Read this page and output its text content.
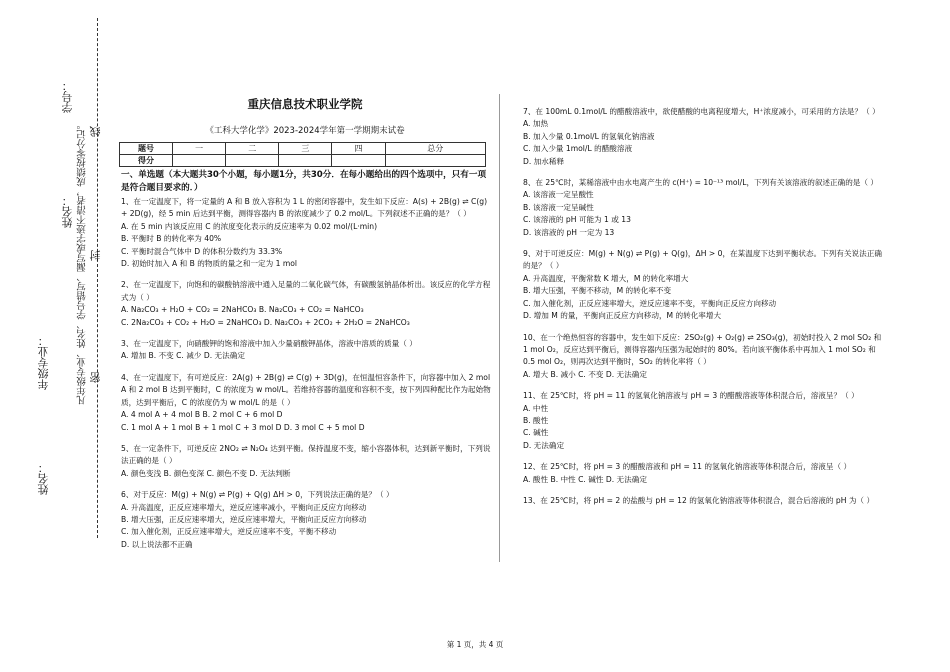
学号：
姓名：
年级专业：
姓名：
凡年级专业、姓名、学号错写、漏写或字迹不清者，成绩按零分记。 线
封
密
重庆信息技术职业学院
《工科大学化学》2023-2024学年第一学期期末试卷
题号	一	二	三	四	总分
得分					
一、单选题（本大题共30个小题，每小题1分，共30分．在每小题给出的四个选项中，只有一项是符合题目要求的．）

1、在一定温度下，将一定量的 A 和 B 放入容积为 1 L 的密闭容器中，发生如下反应：A(s) + 2B(g) ⇌ C(g) + 2D(g)，经 5 min 后达到平衡，测得容器内 B 的浓度减少了 0.2 mol/L。下列叙述不正确的是？（ ）

A. 在 5 min 内该反应用 C 的浓度变化表示的反应速率为 0.02 mol/(L·min)

B. 平衡时 B 的转化率为 40%

C. 平衡时混合气体中 D 的体积分数约为 33.3%

D. 初始时加入 A 和 B 的物质的量之和一定为 1 mol

2、在一定温度下，向饱和的碳酸钠溶液中通入足量的二氧化碳气体，有碳酸氢钠晶体析出。该反应的化学方程式为（ ）

A. Na₂CO₃ + H₂O + CO₂ = 2NaHCO₃ B. Na₂CO₃ + CO₂ = NaHCO₃

C. 2Na₂CO₃ + CO₂ + H₂O = 2NaHCO₃ D. Na₂CO₃ + 2CO₂ + 2H₂O = 2NaHCO₃

3、在一定温度下，向硝酸钾的饱和溶液中加入少量硝酸钾晶体，溶液中溶质的质量（ ）

A. 增加 B. 不变 C. 减少 D. 无法确定

4、在一定温度下，有可逆反应：2A(g) + 2B(g) ⇌ C(g) + 3D(g)，在恒温恒容条件下，向容器中加入 2 mol A 和 2 mol B 达到平衡时，C 的浓度为 w mol/L。若维持容器的温度和容积不变，按下列四种配比作为起始物质，达到平衡后，C 的浓度仍为 w mol/L 的是（ ）

A. 4 mol A + 4 mol B B. 2 mol C + 6 mol D

C. 1 mol A + 1 mol B + 1 mol C + 3 mol D D. 3 mol C + 5 mol D

5、在一定条件下，可逆反应 2NO₂ ⇌ N₂O₄ 达到平衡。保持温度不变，缩小容器体积，达到新平衡时，下列说法正确的是（ ）

A. 颜色变浅 B. 颜色变深 C. 颜色不变 D. 无法判断

6、对于反应：M(g) + N(g) ⇌ P(g) + Q(g) ΔH > 0，下列说法正确的是？（ ）

A. 升高温度，正反应速率增大，逆反应速率减小，平衡向正反应方向移动

B. 增大压强，正反应速率增大，逆反应速率增大，平衡向正反应方向移动

C. 加入催化剂，正反应速率增大，逆反应速率不变，平衡不移动

D. 以上说法都不正确

7、在 100mL 0.1mol/L 的醋酸溶液中，欲使醋酸的电离程度增大，H⁺浓度减小，可采用的方法是？（ ）

A. 加热

B. 加入少量 0.1mol/L 的氢氧化钠溶液

C. 加入少量 1mol/L 的醋酸溶液

D. 加水稀释

8、在 25℃时，某稀溶液中由水电离产生的 c(H⁺) = 10⁻¹³ mol/L，下列有关该溶液的叙述正确的是（ ）

A. 该溶液一定呈酸性

B. 该溶液一定呈碱性

C. 该溶液的 pH 可能为 1 或 13

D. 该溶液的 pH 一定为 13

9、对于可逆反应：M(g) + N(g) ⇌ P(g) + Q(g)，ΔH > 0，在某温度下达到平衡状态。下列有关说法正确的是？（ ）

A. 升高温度，平衡常数 K 增大，M 的转化率增大

B. 增大压强，平衡不移动，M 的转化率不变

C. 加入催化剂，正反应速率增大，逆反应速率不变，平衡向正反应方向移动

D. 增加 M 的量，平衡向正反应方向移动，M 的转化率增大

10、在一个绝热恒容的容器中，发生如下反应：2SO₂(g) + O₂(g) ⇌ 2SO₃(g)，初始时投入 2 mol SO₂ 和 1 mol O₂，反应达到平衡后，测得容器内压强为起始时的 80%。若向该平衡体系中再加入 1 mol SO₂ 和 0.5 mol O₂，则再次达到平衡时，SO₂ 的转化率将（ ）

A. 增大 B. 减小 C. 不变 D. 无法确定

11、在 25℃时，将 pH = 11 的氢氧化钠溶液与 pH = 3 的醋酸溶液等体积混合后，溶液呈？（ ）

A. 中性

B. 酸性

C. 碱性

D. 无法确定

12、在 25℃时，将 pH = 3 的醋酸溶液和 pH = 11 的氢氧化钠溶液等体积混合后，溶液呈（ ）

A. 酸性 B. 中性 C. 碱性 D. 无法确定

13、在 25℃时，将 pH = 2 的盐酸与 pH = 12 的氢氧化钠溶液等体积混合，混合后溶液的 pH 为（ ）

第 1 页，共 4 页
